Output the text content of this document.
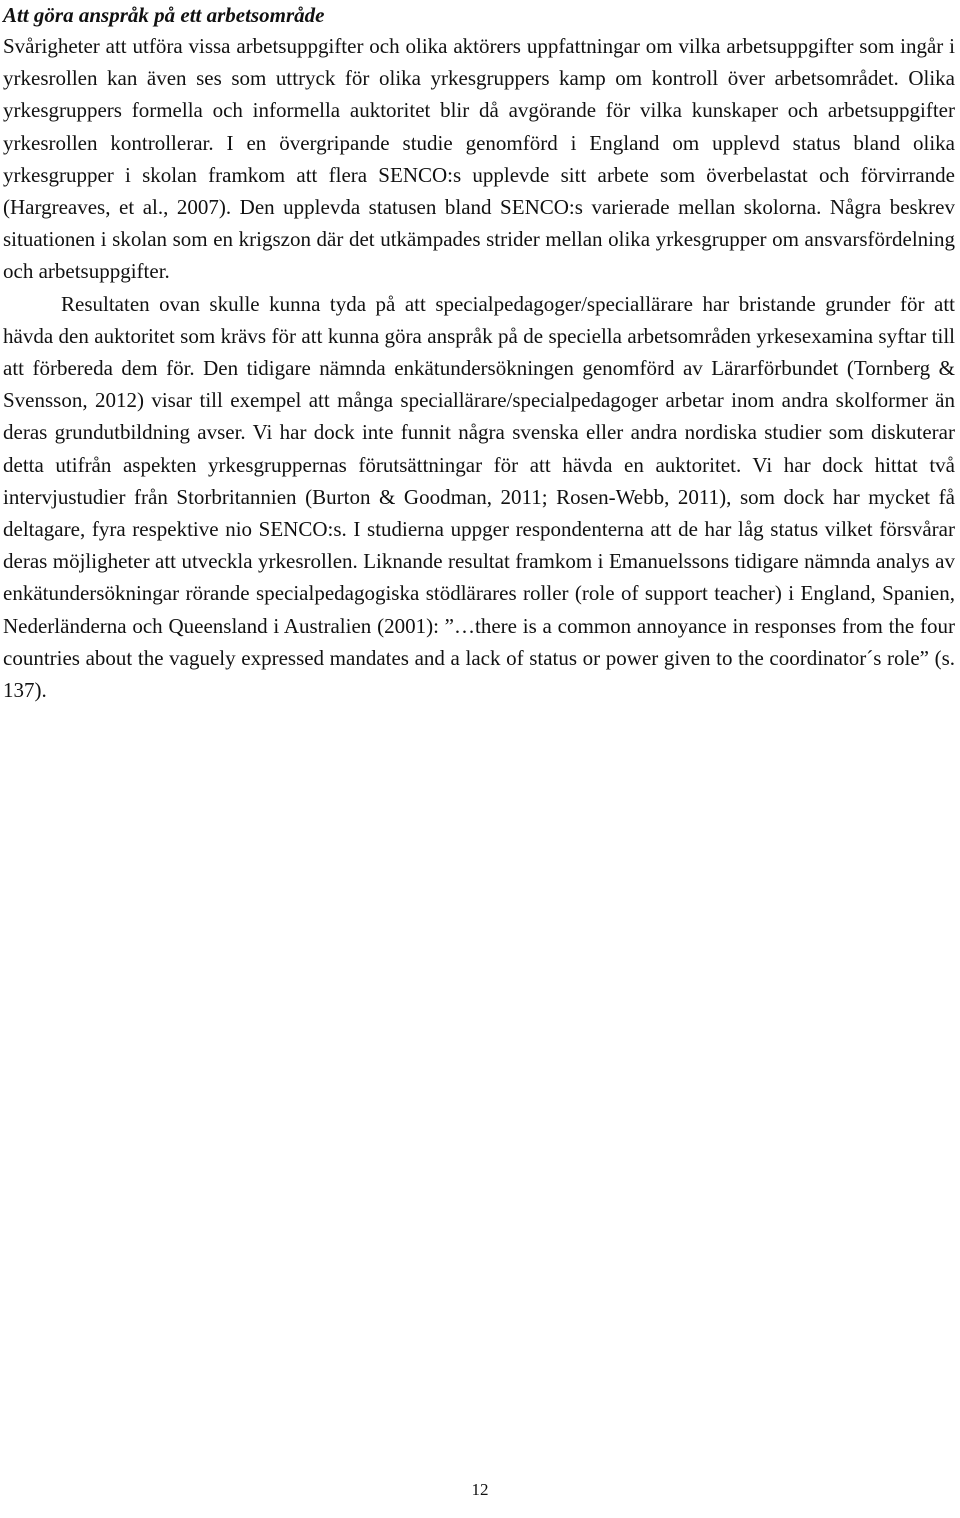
Att göra anspråk på ett arbetsområde

Svårigheter att utföra vissa arbetsuppgifter och olika aktörers uppfattningar om vilka arbetsuppgifter som ingår i yrkesrollen kan även ses som uttryck för olika yrkesgruppers kamp om kontroll över arbetsområdet. Olika yrkesgruppers formella och informella auktoritet blir då avgörande för vilka kunskaper och arbetsuppgifter yrkesrollen kontrollerar. I en övergripande studie genomförd i England om upplevd status bland olika yrkesgrupper i skolan framkom att flera SENCO:s upplevde sitt arbete som överbelastat och förvirrande (Hargreaves, et al., 2007). Den upplevda statusen bland SENCO:s varierade mellan skolorna. Några beskrev situationen i skolan som en krigszon där det utkämpades strider mellan olika yrkesgrupper om ansvarsfördelning och arbetsuppgifter.

Resultaten ovan skulle kunna tyda på att specialpedagoger/speciallärare har bristande grunder för att hävda den auktoritet som krävs för att kunna göra anspråk på de speciella arbetsområden yrkesexamina syftar till att förbereda dem för. Den tidigare nämnda enkätundersökningen genomförd av Lärarförbundet (Tornberg & Svensson, 2012) visar till exempel att många speciallärare/specialpedagoger arbetar inom andra skolformer än deras grundutbildning avser. Vi har dock inte funnit några svenska eller andra nordiska studier som diskuterar detta utifrån aspekten yrkesgruppernas förutsättningar för att hävda en auktoritet. Vi har dock hittat två intervjustudier från Storbritannien (Burton & Goodman, 2011; Rosen-Webb, 2011), som dock har mycket få deltagare, fyra respektive nio SENCO:s. I studierna uppger respondenterna att de har låg status vilket försvårar deras möjligheter att utveckla yrkesrollen. Liknande resultat framkom i Emanuelssons tidigare nämnda analys av enkätundersökningar rörande specialpedagogiska stödlärares roller (role of support teacher) i England, Spanien, Nederländerna och Queensland i Australien (2001): ”…there is a common annoyance in responses from the four countries about the vaguely expressed mandates and a lack of status or power given to the coordinator´s role” (s. 137).

12
